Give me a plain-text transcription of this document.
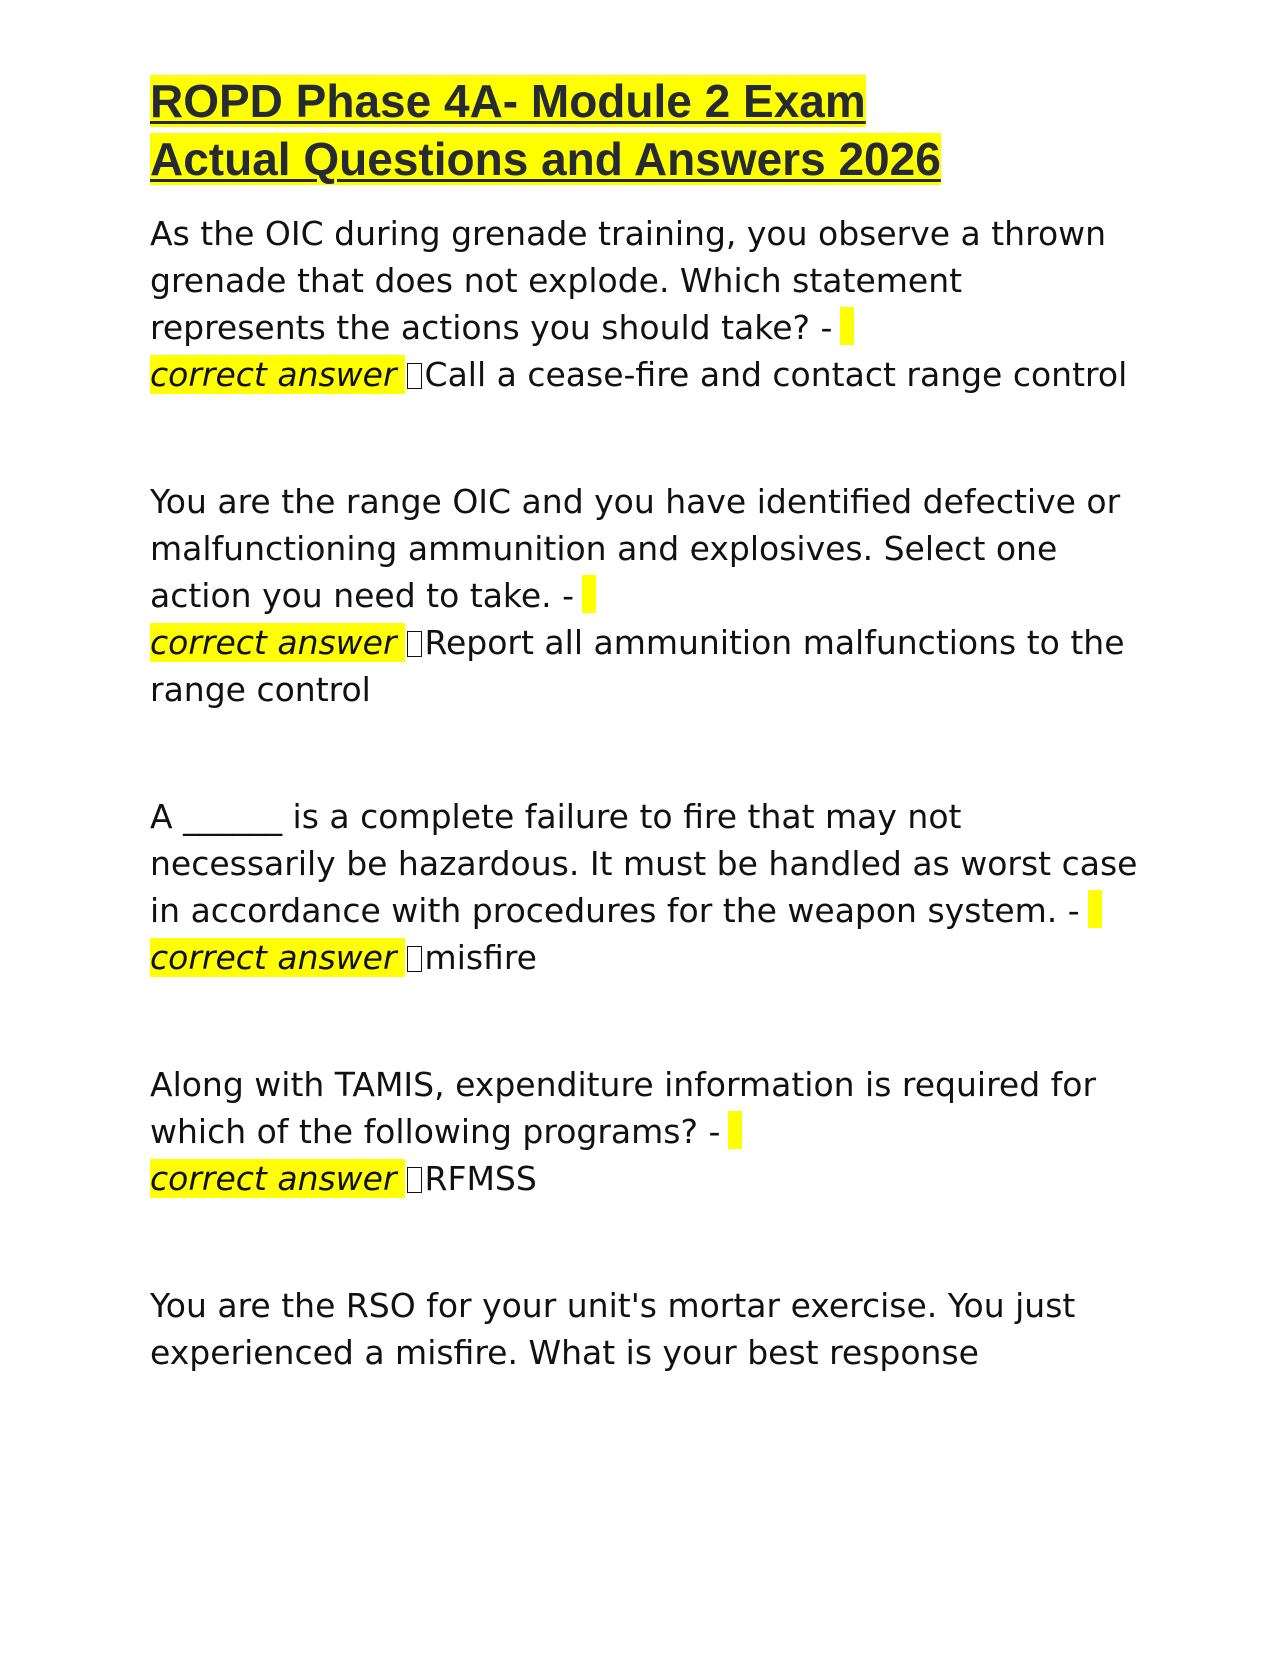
ROPD Phase 4A- Module 2 Exam
Actual Questions and Answers 2026

As the OIC during grenade training, you observe a thrown grenade that does not explode. Which statement represents the actions you should take? -
correct answer Call a cease-fire and contact range control

You are the range OIC and you have identified defective or malfunctioning ammunition and explosives. Select one action you need to take. -
correct answer Report all ammunition malfunctions to the range control

A ______ is a complete failure to fire that may not necessarily be hazardous. It must be handled as worst case in accordance with procedures for the weapon system. -
correct answer misfire

Along with TAMIS, expenditure information is required for which of the following programs? -
correct answer RFMSS

You are the RSO for your unit's mortar exercise. You just experienced a misfire. What is your best response
